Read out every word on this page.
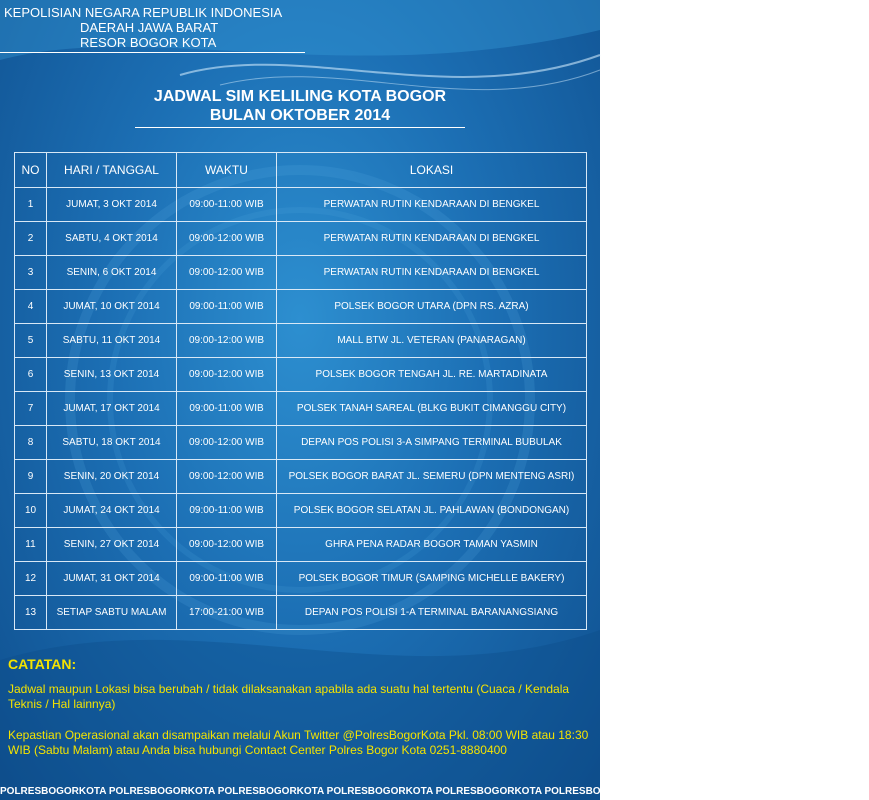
KEPOLISIAN NEGARA REPUBLIK INDONESIA
DAERAH JAWA BARAT
RESOR BOGOR KOTA
JADWAL SIM KELILING KOTA BOGOR
BULAN OKTOBER 2014
NO	HARI / TANGGAL	WAKTU	LOKASI
1	JUMAT, 3 OKT 2014	09:00-11:00 WIB	PERWATAN RUTIN KENDARAAN DI BENGKEL
2	SABTU, 4 OKT 2014	09:00-12:00 WIB	PERWATAN RUTIN KENDARAAN DI BENGKEL
3	SENIN, 6 OKT 2014	09:00-12:00 WIB	PERWATAN RUTIN KENDARAAN DI BENGKEL
4	JUMAT, 10 OKT 2014	09:00-11:00 WIB	POLSEK BOGOR UTARA (DPN RS. AZRA)
5	SABTU, 11 OKT 2014	09:00-12:00 WIB	MALL BTW JL. VETERAN (PANARAGAN)
6	SENIN, 13 OKT 2014	09:00-12:00 WIB	POLSEK BOGOR TENGAH JL. RE. MARTADINATA
7	JUMAT, 17 OKT 2014	09:00-11:00 WIB	POLSEK TANAH SAREAL (BLKG BUKIT CIMANGGU CITY)
8	SABTU, 18 OKT 2014	09:00-12:00 WIB	DEPAN POS POLISI 3-A SIMPANG TERMINAL BUBULAK
9	SENIN, 20 OKT 2014	09:00-12:00 WIB	POLSEK BOGOR BARAT JL. SEMERU (DPN MENTENG ASRI)
10	JUMAT, 24 OKT 2014	09:00-11:00 WIB	POLSEK BOGOR SELATAN JL. PAHLAWAN (BONDONGAN)
11	SENIN, 27 OKT 2014	09:00-12:00 WIB	GHRA PENA RADAR BOGOR TAMAN YASMIN
12	JUMAT, 31 OKT 2014	09:00-11:00 WIB	POLSEK BOGOR TIMUR (SAMPING MICHELLE BAKERY)
13	SETIAP SABTU MALAM	17:00-21:00 WIB	DEPAN POS POLISI 1-A TERMINAL BARANANGSIANG
CATATAN:
Jadwal maupun Lokasi bisa berubah / tidak dilaksanakan apabila ada suatu hal tertentu (Cuaca / Kendala Teknis / Hal lainnya)
Kepastian Operasional akan disampaikan melalui Akun Twitter @PolresBogorKota Pkl. 08:00 WIB atau 18:30 WIB (Sabtu Malam) atau Anda bisa hubungi Contact Center Polres Bogor Kota 0251-8880400
POLRESBOGORKOTA POLRESBOGORKOTA POLRESBOGORKOTA POLRESBOGORKOTA POLRESBOGORKOTA POLRESBOGORKOTA POLRESBOGORKOTA POLRESBOGORKOTA
